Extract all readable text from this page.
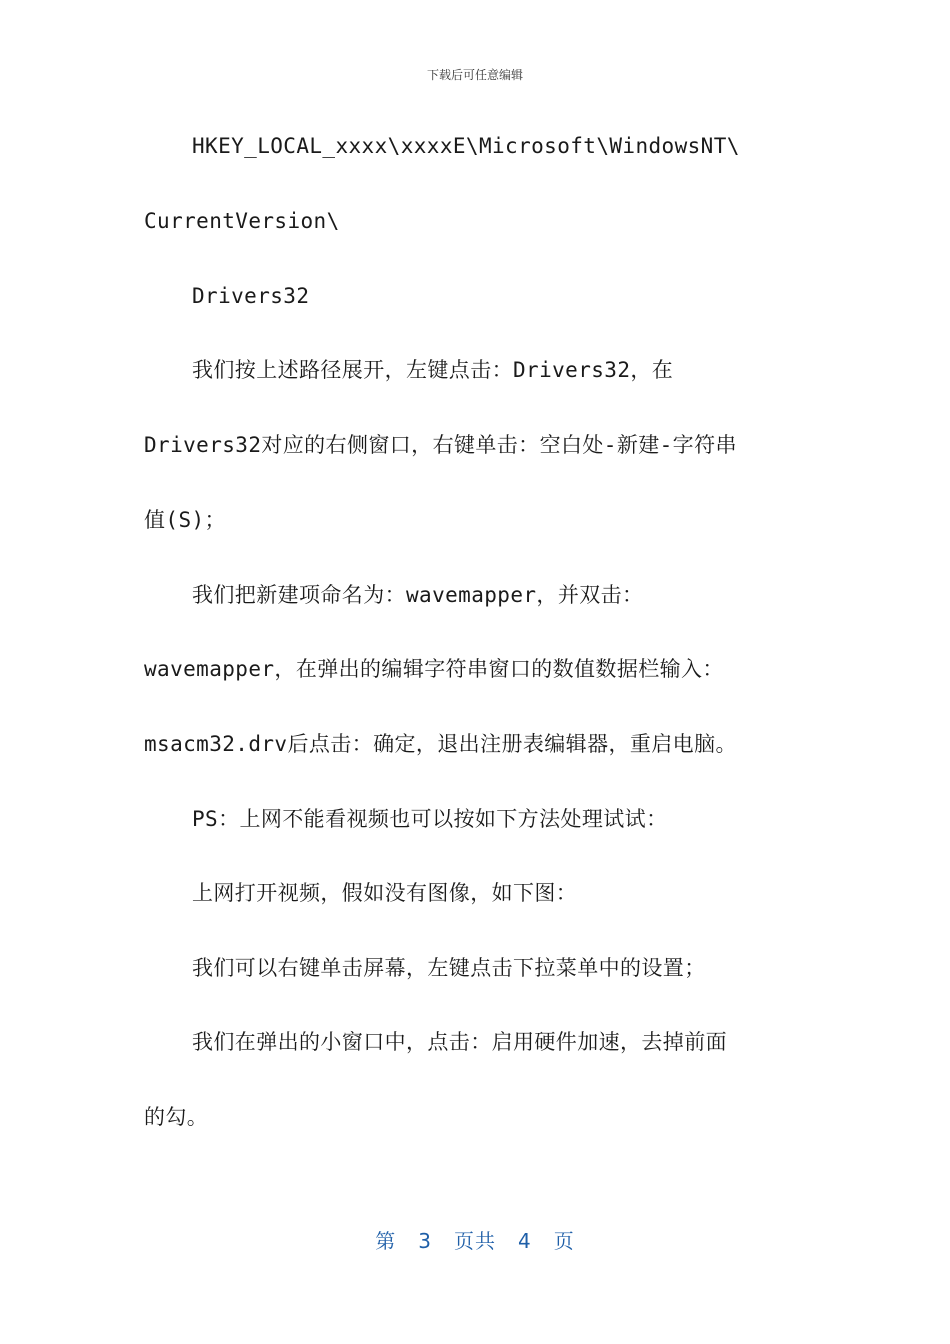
下载后可任意编辑
HKEY_LOCAL_xxxx\xxxxE\Microsoft\WindowsNT\
CurrentVersion\
Drivers32
我们按上述路径展开，左键点击：Drivers32，在
Drivers32对应的右侧窗口，右键单击：空白处-新建-字符串
值(S)；
我们把新建项命名为：wavemapper，并双击：
wavemapper，在弹出的编辑字符串窗口的数值数据栏输入：
msacm32.drv后点击：确定，退出注册表编辑器，重启电脑。
PS：上网不能看视频也可以按如下方法处理试试：
上网打开视频，假如没有图像，如下图：
我们可以右键单击屏幕，左键点击下拉菜单中的设置；
我们在弹出的小窗口中，点击：启用硬件加速，去掉前面
的勾。
第 3 页共 4 页
